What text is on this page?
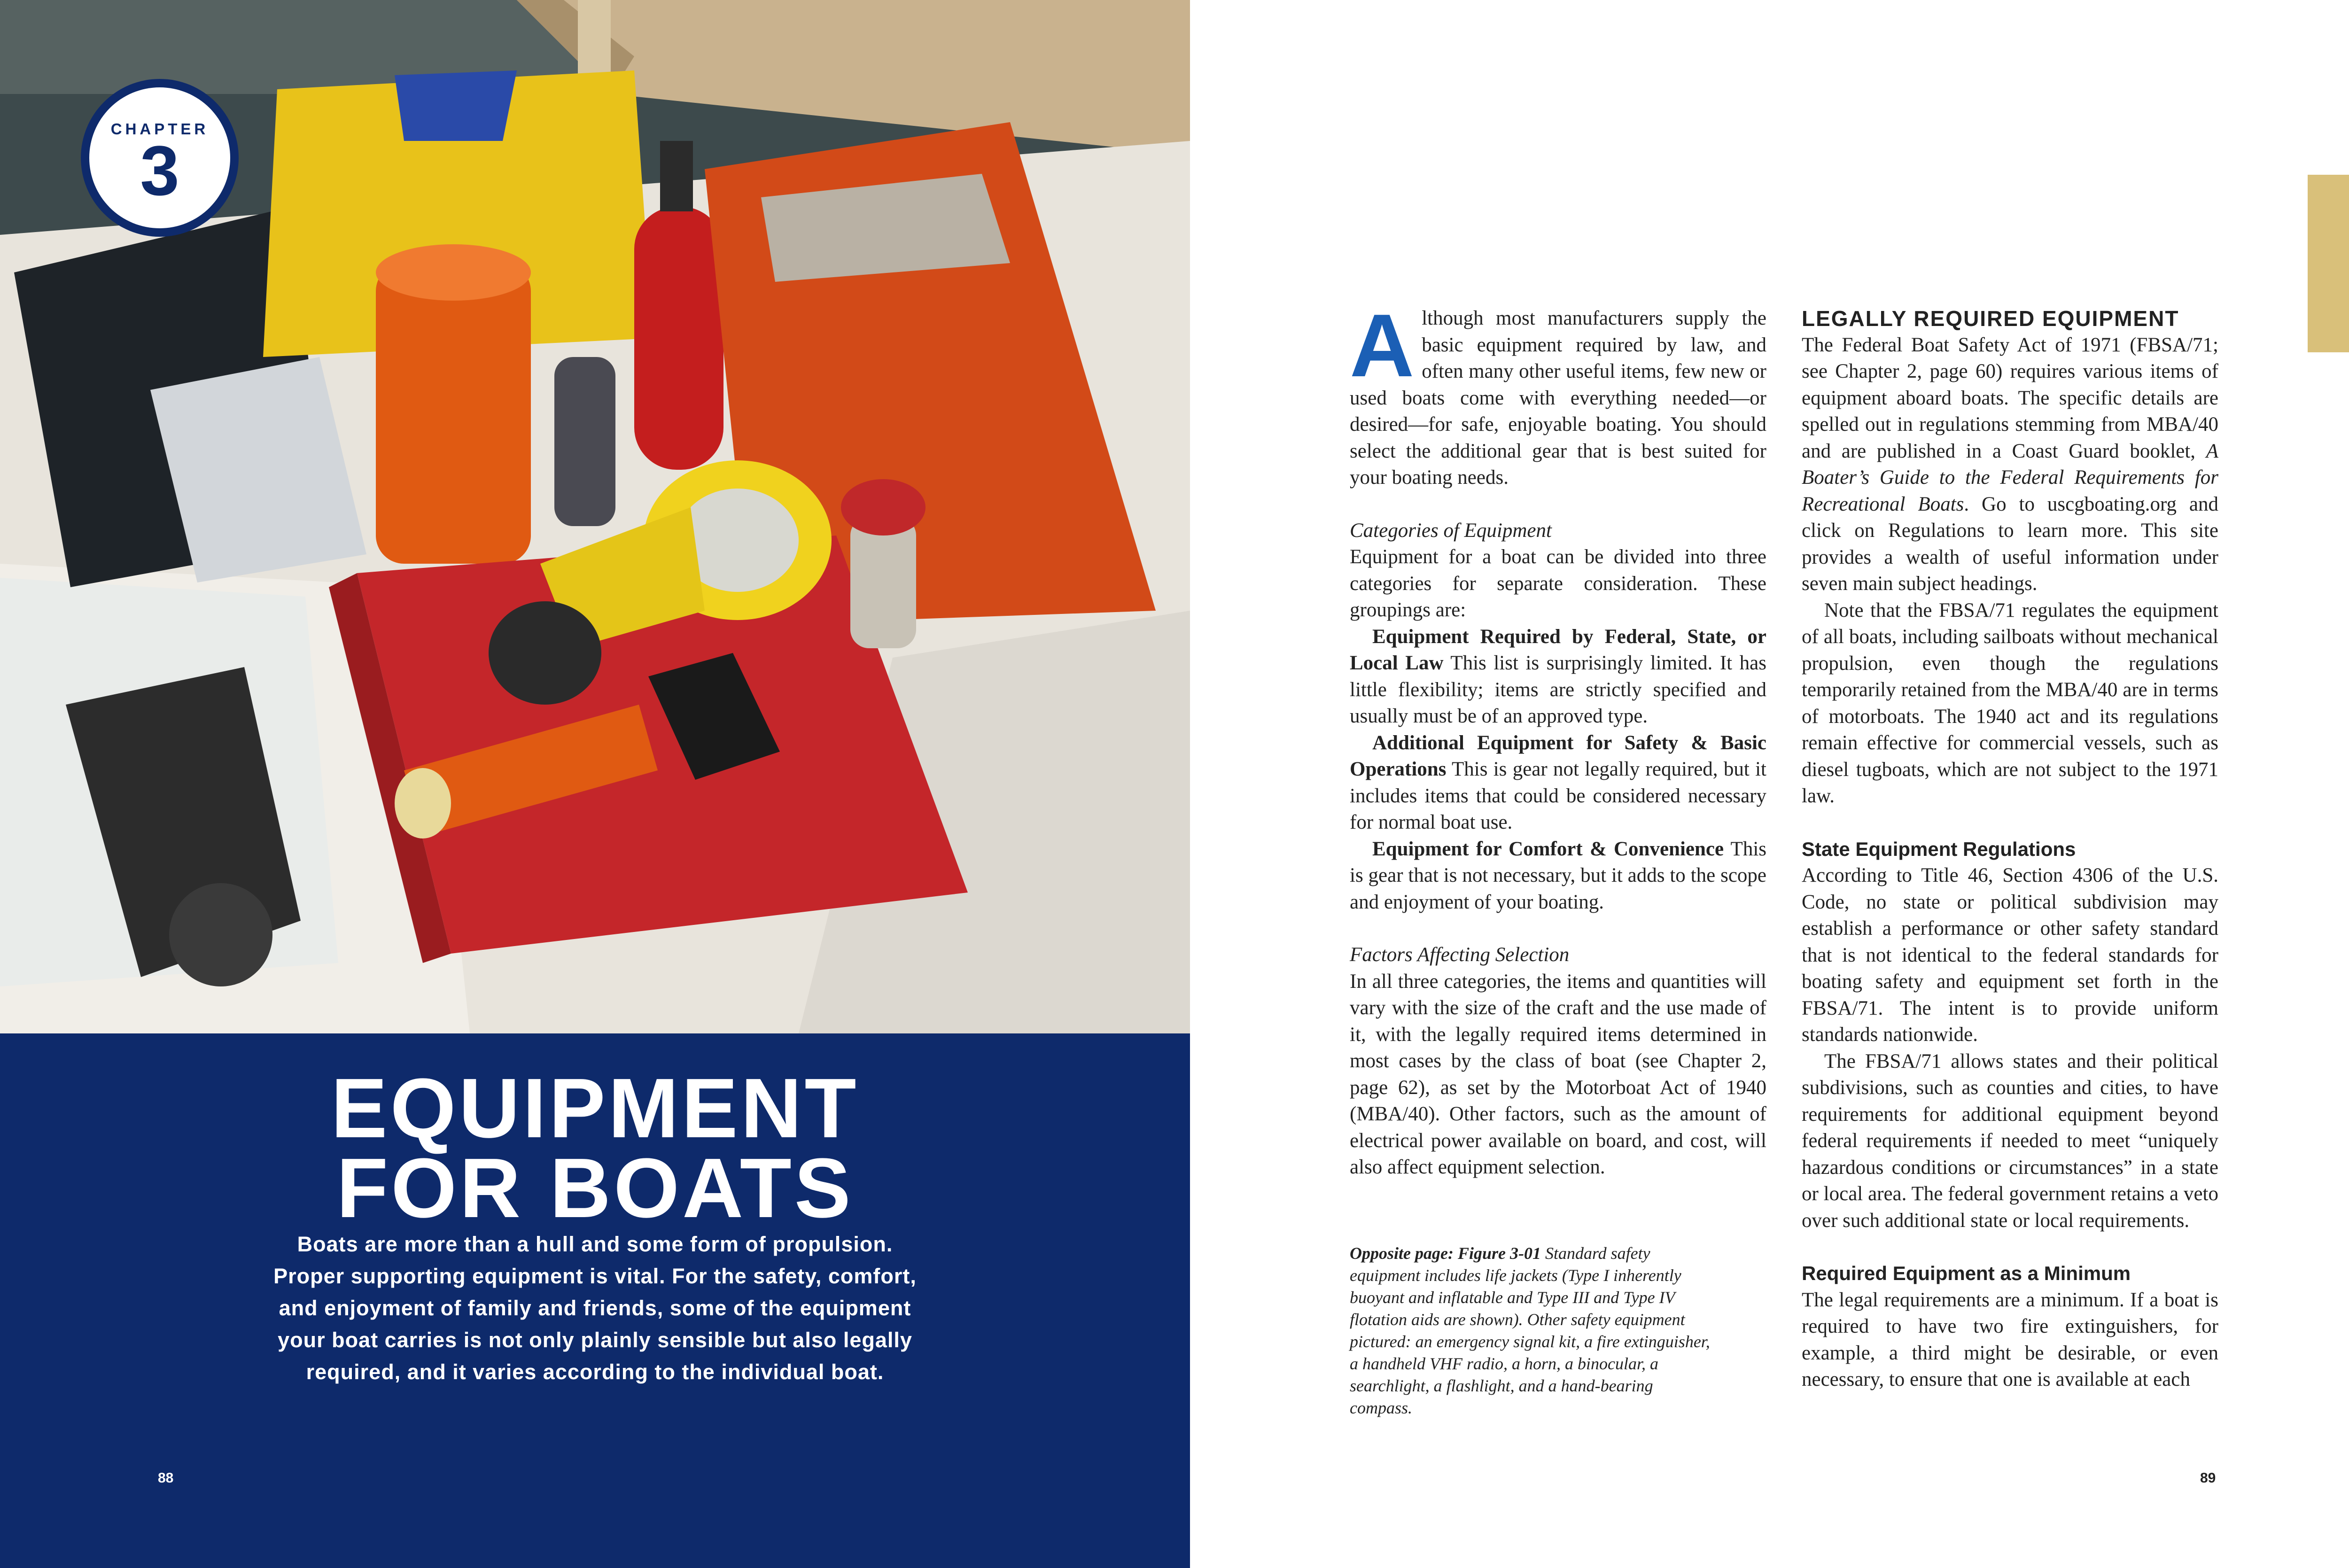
CHAPTER
3
EQUIPMENT
FOR BOATS
Boats are more than a hull and some form of propulsion. Proper supporting equipment is vital. For the safety, comfort, and enjoyment of family and friends, some of the equipment your boat carries is not only plainly sensible but also legally required, and it varies according to the individual boat.
88

Although most manufacturers supply the basic equipment required by law, and often many other useful items, few new or used boats come with everything needed—or desired—for safe, enjoyable boating. You should select the additional gear that is best suited for your boating needs.

Categories of Equipment

Equipment for a boat can be divided into three categories for separate consideration. These groupings are:

Equipment Required by Federal, State, or Local Law This list is surprisingly limited. It has little flexibility; items are strictly specified and usually must be of an approved type.

Additional Equipment for Safety & Basic Operations This is gear not legally required, but it includes items that could be considered necessary for normal boat use.

Equipment for Comfort & Convenience This is gear that is not necessary, but it adds to the scope and enjoyment of your boating.

Factors Affecting Selection

In all three categories, the items and quantities will vary with the size of the craft and the use made of it, with the legally required items determined in most cases by the class of boat (see Chapter 2, page 62), as set by the Motorboat Act of 1940 (MBA/40). Other factors, such as the amount of electrical power available on board, and cost, will also affect equipment selection.

Opposite page: Figure 3-01 Standard safety equipment includes life jackets (Type I inherently buoyant and inflatable and Type III and Type IV flotation aids are shown). Other safety equipment pictured: an emergency signal kit, a fire extinguisher, a handheld VHF radio, a horn, a binocular, a searchlight, a flashlight, and a hand-bearing compass.

LEGALLY REQUIRED EQUIPMENT

The Federal Boat Safety Act of 1971 (FBSA/71; see Chapter 2, page 60) requires various items of equipment aboard boats. The specific details are spelled out in regulations stemming from MBA/40 and are published in a Coast Guard booklet, A Boater’s Guide to the Federal Requirements for Recreational Boats. Go to uscgboating.org and click on Regulations to learn more. This site provides a wealth of useful information under seven main subject headings.

Note that the FBSA/71 regulates the equipment of all boats, including sailboats without mechanical propulsion, even though the regulations temporarily retained from the MBA/40 are in terms of motorboats. The 1940 act and its regulations remain effective for commercial vessels, such as diesel tugboats, which are not subject to the 1971 law.

State Equipment Regulations

According to Title 46, Section 4306 of the U.S. Code, no state or political subdivision may establish a performance or other safety standard that is not identical to the federal standards for boating safety and equipment set forth in the FBSA/71. The intent is to provide uniform standards nationwide.

The FBSA/71 allows states and their political subdivisions, such as counties and cities, to have requirements for additional equipment beyond federal requirements if needed to meet “uniquely hazardous conditions or circumstances” in a state or local area. The federal government retains a veto over such additional state or local requirements.

Required Equipment as a Minimum

The legal requirements are a minimum. If a boat is required to have two fire extinguishers, for example, a third might be desirable, or even necessary, to ensure that one is available at each

89
